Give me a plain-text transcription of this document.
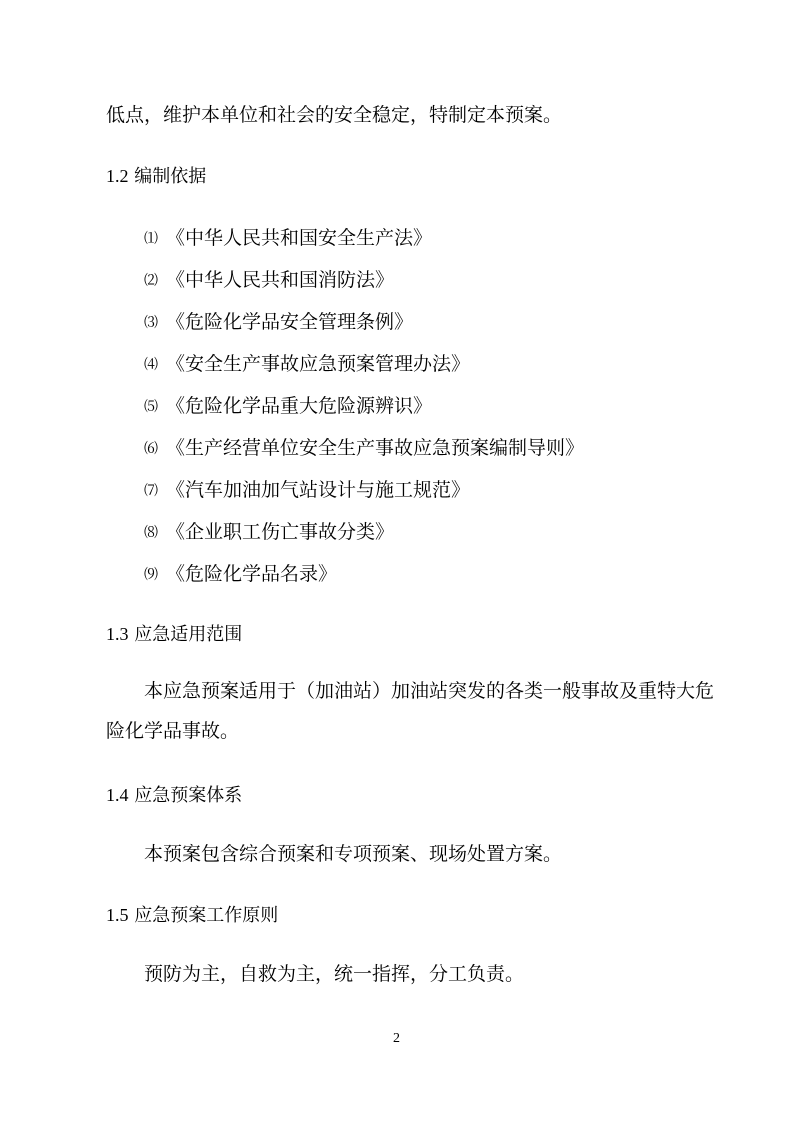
低点，维护本单位和社会的安全稳定，特制定本预案。
1.2 编制依据
⑴ 《中华人民共和国安全生产法》
⑵ 《中华人民共和国消防法》
⑶ 《危险化学品安全管理条例》
⑷ 《安全生产事故应急预案管理办法》
⑸ 《危险化学品重大危险源辨识》
⑹ 《生产经营单位安全生产事故应急预案编制导则》
⑺ 《汽车加油加气站设计与施工规范》
⑻ 《企业职工伤亡事故分类》
⑼ 《危险化学品名录》
1.3 应急适用范围
本应急预案适用于（加油站）加油站突发的各类一般事故及重特大危
险化学品事故。
1.4 应急预案体系
本预案包含综合预案和专项预案、现场处置方案。
1.5 应急预案工作原则
预防为主，自救为主，统一指挥，分工负责。
2
